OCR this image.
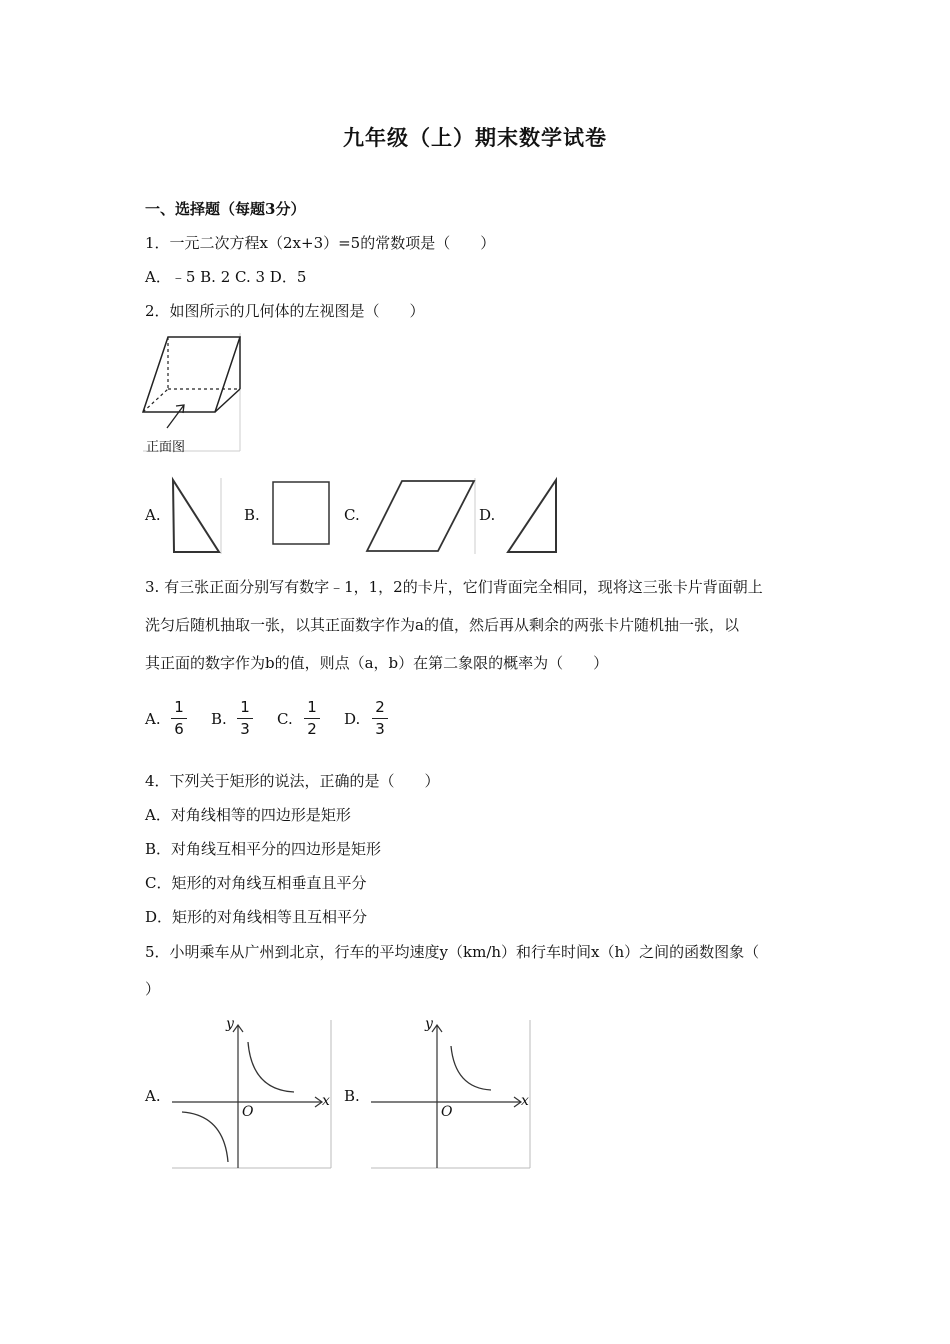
九年级（上）期末数学试卷
一、选择题（每题3分）
1．一元二次方程x（2x+3）=5的常数项是（　　）
A．﹣5 B. 2 C. 3 D．5
2．如图所示的几何体的左视图是（　　）
正面图
A.	B.	C.	D.
3. 有三张正面分别写有数字﹣1，1，2的卡片，它们背面完全相同，现将这三张卡片背面朝上
洗匀后随机抽取一张，以其正面数字作为a的值，然后再从剩余的两张卡片随机抽一张，以
其正面的数字作为b的值，则点（a，b）在第二象限的概率为（　　）
A.
1
6
B.
1
3
C.
1
2
D.
2
3
4．下列关于矩形的说法，正确的是（　　）
A．对角线相等的四边形是矩形
B．对角线互相平分的四边形是矩形
C．矩形的对角线互相垂直且平分
D．矩形的对角线相等且互相平分
5．小明乘车从广州到北京，行车的平均速度y（km/h）和行车时间x（h）之间的函数图象（
）
A.
y
x
O
B.
y
x
O
